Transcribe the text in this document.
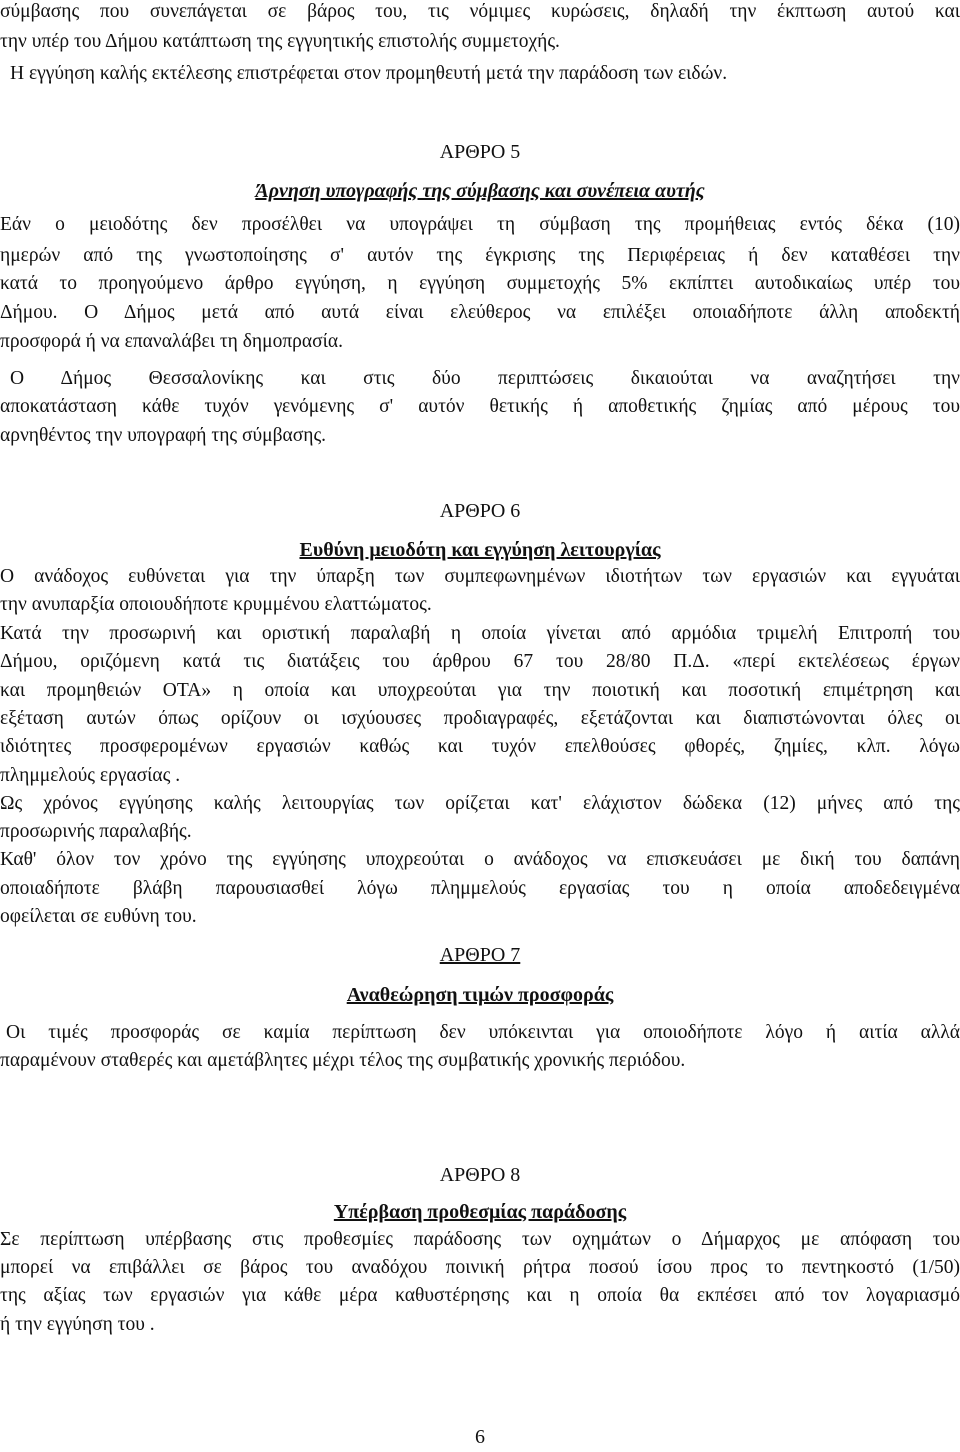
σύμβασης που συνεπάγεται σε βάρος του, τις νόμιμες κυρώσεις, δηλαδή την έκπτωση αυτού και

την υπέρ του Δήμου κατάπτωση της εγγυητικής επιστολής συμμετοχής.

Η εγγύηση καλής εκτέλεσης επιστρέφεται στον προμηθευτή μετά την παράδοση των ειδών.

ΑΡΘΡΟ 5

Άρνηση υπογραφής της σύμβασης και συνέπεια αυτής

Εάν ο μειοδότης δεν προσέλθει να υπογράψει τη σύμβαση της προμήθειας εντός δέκα (10)

ημερών από της γνωστοποίησης σ' αυτόν της έγκρισης της Περιφέρειας ή δεν καταθέσει την

κατά το προηγούμενο άρθρο εγγύηση, η εγγύηση συμμετοχής 5% εκπίπτει αυτοδικαίως υπέρ του

Δήμου. Ο Δήμος μετά από αυτά είναι ελεύθερος να επιλέξει οποιαδήποτε άλλη αποδεκτή

προσφορά ή να επαναλάβει τη δημοπρασία.

Ο Δήμος Θεσσαλονίκης και στις δύο περιπτώσεις δικαιούται να αναζητήσει την

αποκατάσταση κάθε τυχόν γενόμενης σ' αυτόν θετικής ή αποθετικής ζημίας από μέρους του

αρνηθέντος την υπογραφή της σύμβασης.

ΑΡΘΡΟ 6

Ευθύνη μειοδότη και εγγύηση λειτουργίας

Ο ανάδοχος ευθύνεται για την ύπαρξη των συμπεφωνημένων ιδιοτήτων των εργασιών και εγγυάται

την ανυπαρξία οποιουδήποτε κρυμμένου ελαττώματος.

Κατά την προσωρινή και οριστική παραλαβή η οποία γίνεται από αρμόδια τριμελή Επιτροπή του

Δήμου, οριζόμενη κατά τις διατάξεις του άρθρου 67 του 28/80 Π.Δ. «περί εκτελέσεως έργων

και προμηθειών ΟΤΑ» η οποία και υποχρεούται για την ποιοτική και ποσοτική επιμέτρηση και

εξέταση αυτών όπως ορίζουν οι ισχύουσες προδιαγραφές, εξετάζονται και διαπιστώνονται όλες οι

ιδιότητες προσφερομένων εργασιών καθώς και τυχόν επελθούσες φθορές, ζημίες, κλπ. λόγω

πλημμελούς εργασίας .

Ως χρόνος εγγύησης καλής λειτουργίας των ορίζεται κατ' ελάχιστον δώδεκα (12) μήνες από της

προσωρινής παραλαβής.

Καθ' όλον τον χρόνο της εγγύησης υποχρεούται ο ανάδοχος να επισκευάσει με δική του δαπάνη

οποιαδήποτε βλάβη παρουσιασθεί λόγω πλημμελούς εργασίας του η οποία αποδεδειγμένα

οφείλεται σε ευθύνη του.

ΑΡΘΡΟ 7

Αναθεώρηση τιμών προσφοράς

Οι τιμές προσφοράς σε καμία περίπτωση δεν υπόκεινται για οποιοδήποτε λόγο ή αιτία αλλά

παραμένουν σταθερές και αμετάβλητες μέχρι τέλος της συμβατικής χρονικής περιόδου.

ΑΡΘΡΟ 8

Υπέρβαση προθεσμίας παράδοσης

Σε περίπτωση υπέρβασης στις προθεσμίες παράδοσης των οχημάτων ο Δήμαρχος με απόφαση του

μπορεί να επιβάλλει σε βάρος του αναδόχου ποινική ρήτρα ποσού ίσου προς το πεντηκοστό (1/50)

της αξίας των εργασιών για κάθε μέρα καθυστέρησης και η οποία θα εκπέσει από τον λογαριασμό

ή την εγγύηση του .

6
